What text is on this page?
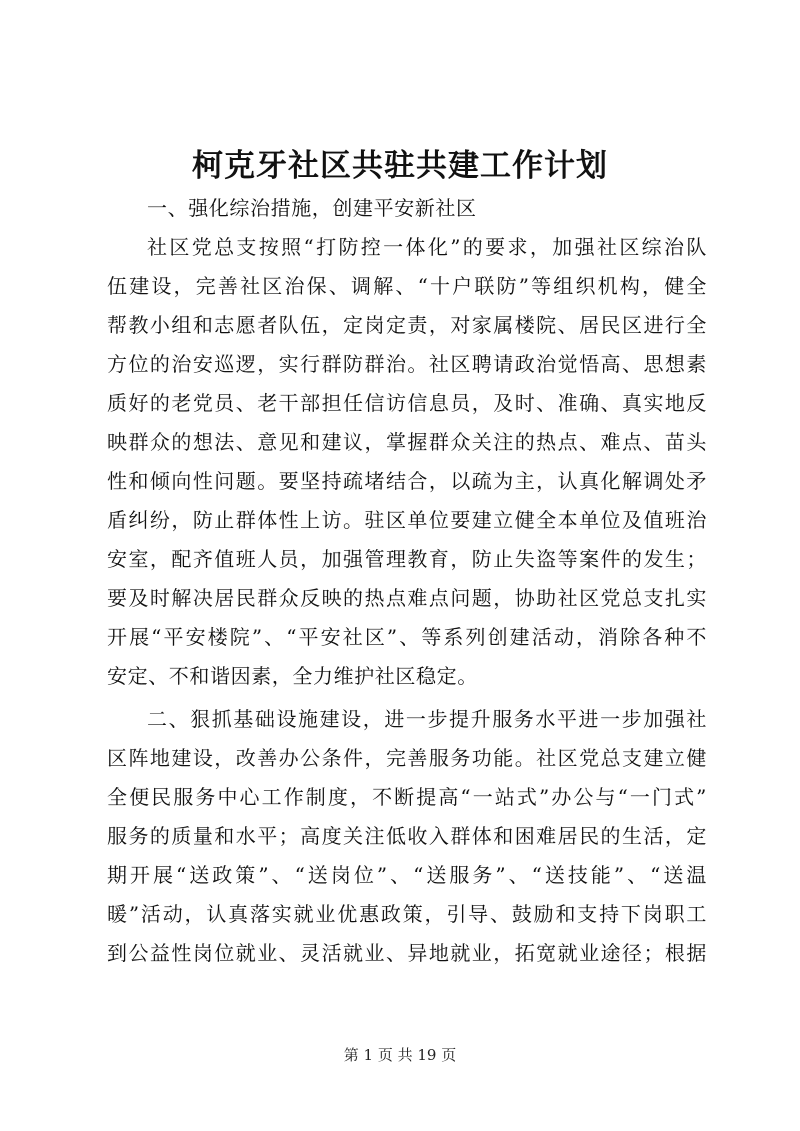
柯克牙社区共驻共建工作计划
一、强化综治措施，创建平安新社区
社区党总支按照“打防控一体化”的要求，加强社区综治队
伍建设，完善社区治保、调解、“十户联防”等组织机构，健全
帮教小组和志愿者队伍，定岗定责，对家属楼院、居民区进行全
方位的治安巡逻，实行群防群治。社区聘请政治觉悟高、思想素
质好的老党员、老干部担任信访信息员，及时、准确、真实地反
映群众的想法、意见和建议，掌握群众关注的热点、难点、苗头
性和倾向性问题。要坚持疏堵结合，以疏为主，认真化解调处矛
盾纠纷，防止群体性上访。驻区单位要建立健全本单位及值班治
安室，配齐值班人员，加强管理教育，防止失盗等案件的发生；
要及时解决居民群众反映的热点难点问题，协助社区党总支扎实
开展“平安楼院”、“平安社区”、等系列创建活动，消除各种不
安定、不和谐因素，全力维护社区稳定。
二、狠抓基础设施建设，进一步提升服务水平进一步加强社
区阵地建设，改善办公条件，完善服务功能。社区党总支建立健
全便民服务中心工作制度，不断提高“一站式”办公与“一门式”
服务的质量和水平；高度关注低收入群体和困难居民的生活，定
期开展“送政策”、“送岗位”、“送服务”、“送技能”、“送温
暖”活动，认真落实就业优惠政策，引导、鼓励和支持下岗职工
到公益性岗位就业、灵活就业、异地就业，拓宽就业途径；根据
第 1 页 共 19 页
